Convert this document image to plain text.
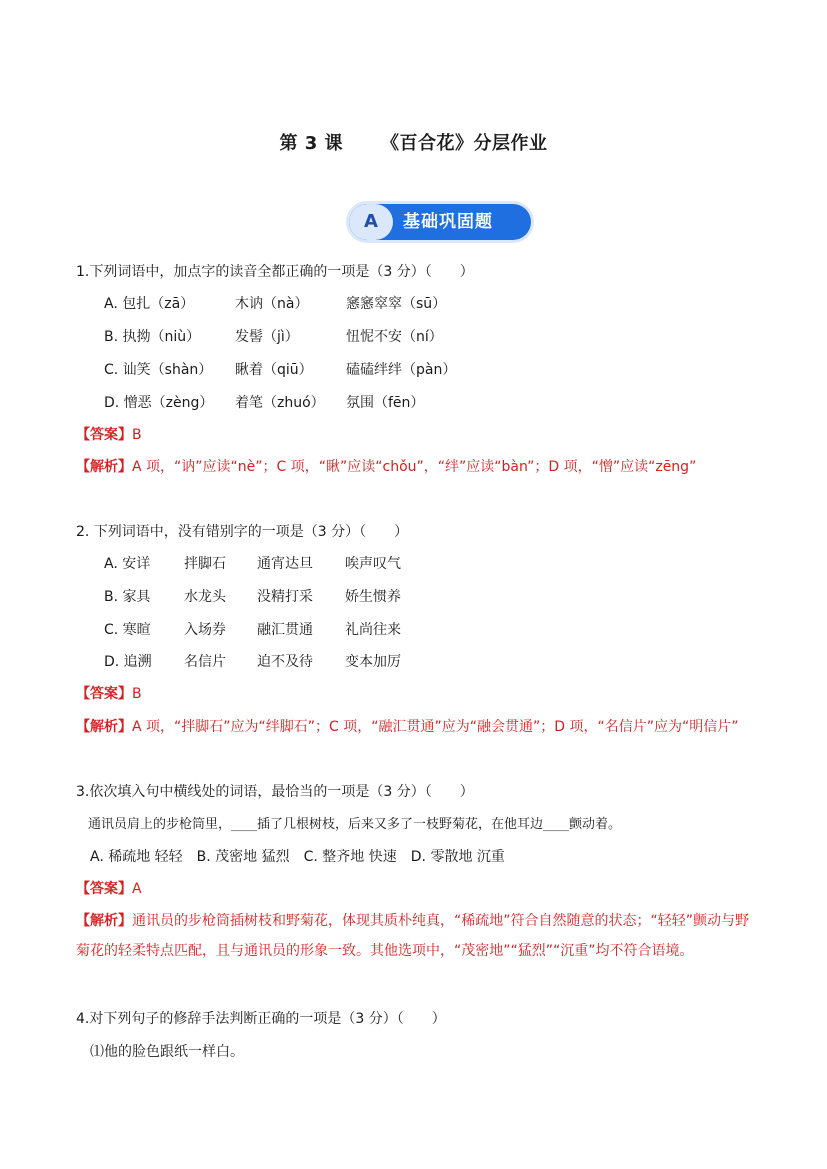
第 3 课 《百合花》分层作业
A	基础巩固题
1.下列词语中，加点字的读音全都正确的一项是（3 分）（　　）
A. 包扎（zā）	木讷（nà）	窸窸窣窣（sū）
B. 执拗（niù） 发髻（jì）	忸怩不安（ní）
C. 讪笑（shàn） 瞅着（qiū） 磕磕绊绊（pàn）
D. 憎恶（zèng） 着笔（zhuó） 氛围（fēn）
【答案】B
【解析】A 项，“讷”应读“nè”；C 项，“瞅”应读“chǒu”，“绊”应读“bàn”；D 项，“憎”应读“zēng”
2. 下列词语中，没有错别字的一项是（3 分）（　　）
A. 安详 拌脚石 通宵达旦 唉声叹气
B. 家具 水龙头 没精打采 娇生惯养
C. 寒暄 入场券 融汇贯通 礼尚往来
D. 追溯 名信片 迫不及待 变本加厉
【答案】B
【解析】A 项，“拌脚石”应为“绊脚石”；C 项，“融汇贯通”应为“融会贯通”；D 项，“名信片”应为“明信片”
3.依次填入句中横线处的词语，最恰当的一项是（3 分）（　　）
通讯员肩上的步枪筒里，____插了几根树枝，后来又多了一枝野菊花，在他耳边____颤动着。
A. 稀疏地 轻轻　B. 茂密地 猛烈　C. 整齐地 快速　D. 零散地 沉重
【答案】A
【解析】通讯员的步枪筒插树枝和野菊花，体现其质朴纯真，“稀疏地”符合自然随意的状态；“轻轻”颤动与野菊花的轻柔特点匹配，且与通讯员的形象一致。其他选项中，“茂密地”“猛烈”“沉重”均不符合语境。
4.对下列句子的修辞手法判断正确的一项是（3 分）（　　）
⑴他的脸色跟纸一样白。
